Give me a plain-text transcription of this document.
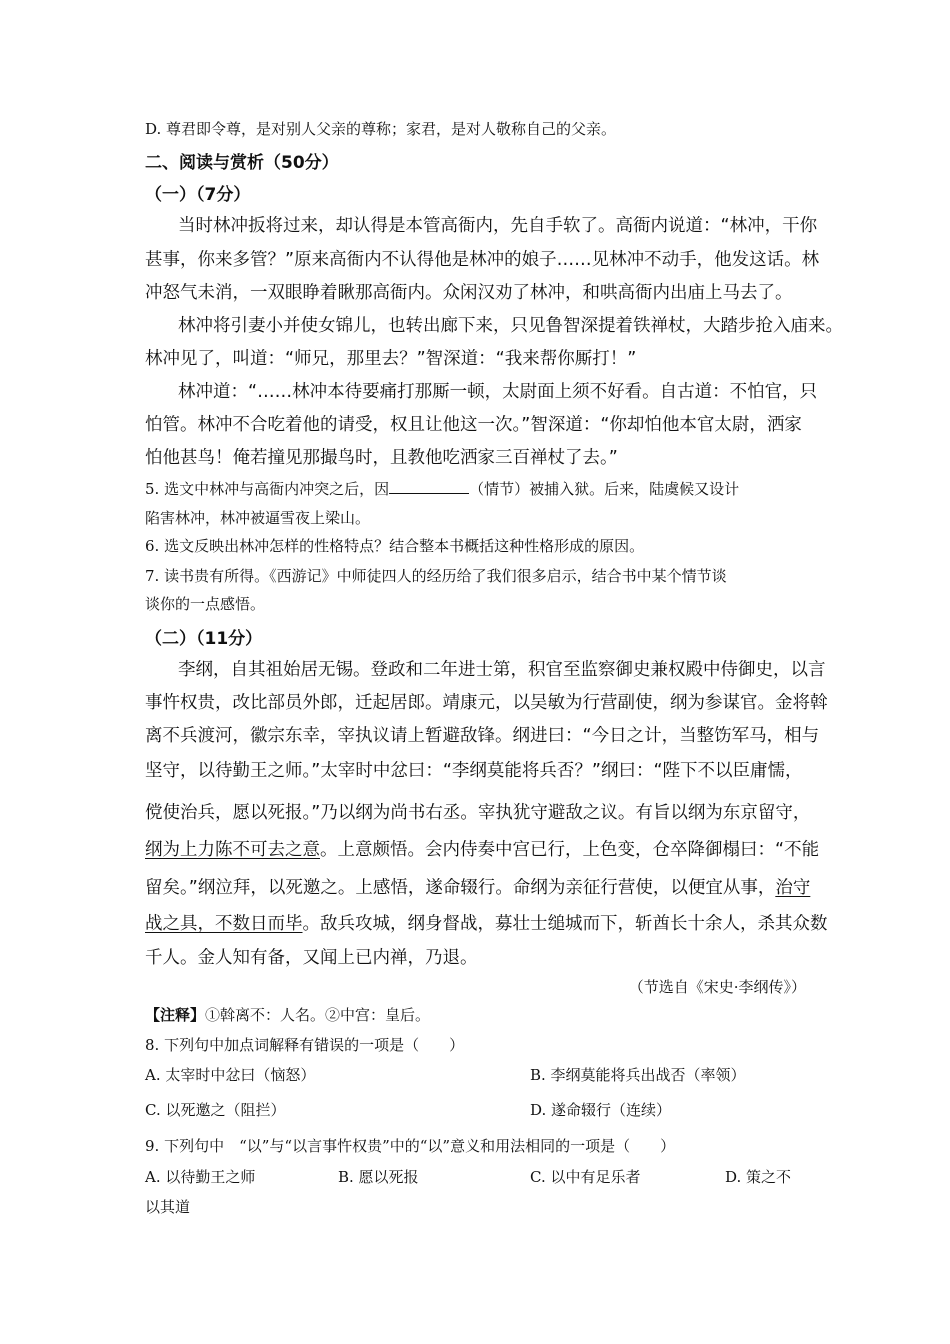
D. 尊君即令尊，是对别人父亲的尊称；家君，是对人敬称自己的父亲。
二、阅读与赏析（50分）
（一）（7分）
当时林冲扳将过来，却认得是本管高衙内，先自手软了。高衙内说道：“林冲，干你
甚事，你来多管？”原来高衙内不认得他是林冲的娘子……见林冲不动手，他发这话。林
冲怒气未消，一双眼睁着瞅那高衙内。众闲汉劝了林冲，和哄高衙内出庙上马去了。
林冲将引妻小并使女锦儿，也转出廊下来，只见鲁智深提着铁禅杖，大踏步抢入庙来。
林冲见了，叫道：“师兄，那里去？”智深道：“我来帮你厮打！”
林冲道：“……林冲本待要痛打那厮一顿，太尉面上须不好看。自古道：不怕官，只
怕管。林冲不合吃着他的请受，权且让他这一次。”智深道：“你却怕他本官太尉，洒家
怕他甚鸟！俺若撞见那撮鸟时，且教他吃洒家三百禅杖了去。”
5. 选文中林冲与高衙内冲突之后，因	（情节）被捕入狱。后来，陆虞候又设计
陷害林冲，林冲被逼雪夜上梁山。
6. 选文反映出林冲怎样的性格特点？结合整本书概括这种性格形成的原因。
7. 读书贵有所得。《西游记》中师徒四人的经历给了我们很多启示，结合书中某个情节谈
谈你的一点感悟。
（二）（11分）
李纲，自其祖始居无锡。登政和二年进士第，积官至监察御史兼权殿中侍御史，以言
事忤权贵，改比部员外郎，迁起居郎。靖康元，以吴敏为行营副使，纲为参谋官。金将斡
离不兵渡河，徽宗东幸，宰执议请上暂避敌锋。纲进曰：“今日之计，当整饬军马，相与
坚守，以待勤王之师。”太宰时中忿曰：“李纲莫能将兵否？”纲曰：“陛下不以臣庸懦，
傥使治兵，愿以死报。”乃以纲为尚书右丞。宰执犹守避敌之议。有旨以纲为东京留守，
纲为上力陈不可去之意。上意颇悟。会内侍奏中宫已行，上色变，仓卒降御榻曰：“不能
留矣。”纲泣拜，以死邀之。上感悟，遂命辍行。命纲为亲征行营使，以便宜从事，治守
战之具，不数日而毕。敌兵攻城，纲身督战，募壮士缒城而下，斩酋长十余人，杀其众数
千人。金人知有备，又闻上已内禅，乃退。
（节选自《宋史·李纲传》）
【注释】①斡离不：人名。②中宫：皇后。
8. 下列句中加点词解释有错误的一项是（　　）
A. 太宰时中忿曰（恼怒）	B. 李纲莫能将兵出战否（率领）
C. 以死邀之（阻拦）	D. 遂命辍行（连续）
9. 下列句中　“以”与“以言事忤权贵”中的“以”意义和用法相同的一项是（　　）
A. 以待勤王之师	B. 愿以死报	C. 以中有足乐者	D. 策之不
以其道
